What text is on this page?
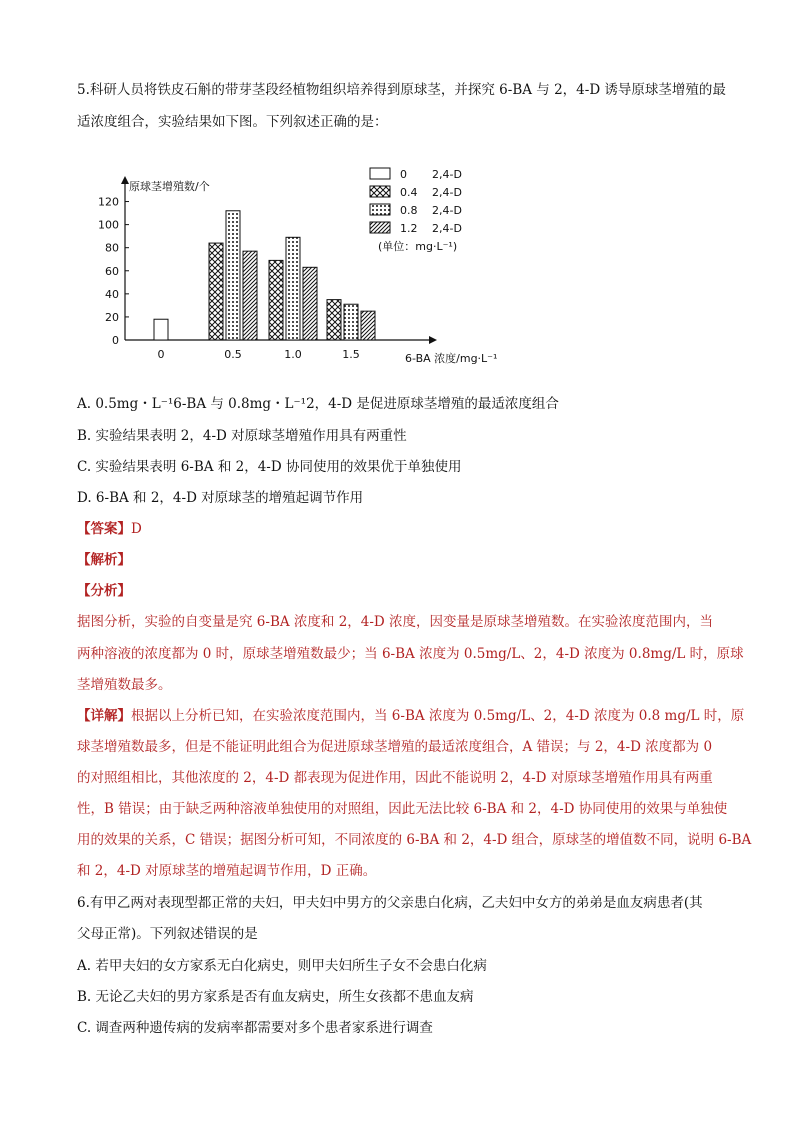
5.科研人员将铁皮石斛的带芽茎段经植物组织培养得到原球茎，并探究 6-BA 与 2，4-D 诱导原球茎增殖的最
适浓度组合，实验结果如下图。下列叙述正确的是：
0
20
40
60
80
100
120
原球茎增殖数/个
6-BA 浓度/mg·L⁻¹
0	0.5	1.0	1.5
0 2,4-D
0.4 2,4-D
0.8 2,4-D
1.2 2,4-D
(单位：mg·L⁻¹)
A. 0.5mg・L⁻¹6-BA 与 0.8mg・L⁻¹2，4-D 是促进原球茎增殖的最适浓度组合
B. 实验结果表明 2，4-D 对原球茎增殖作用具有两重性
C. 实验结果表明 6-BA 和 2，4-D 协同使用的效果优于单独使用
D. 6-BA 和 2，4-D 对原球茎的增殖起调节作用
【答案】D
【解析】
【分析】
据图分析，实验的自变量是究 6-BA 浓度和 2，4-D 浓度，因变量是原球茎增殖数。在实验浓度范围内，当
两种溶液的浓度都为 0 时，原球茎增殖数最少；当 6-BA 浓度为 0.5mg/L、2，4-D 浓度为 0.8mg/L 时，原球
茎增殖数最多。
【详解】根据以上分析已知，在实验浓度范围内，当 6-BA 浓度为 0.5mg/L、2，4-D 浓度为 0.8 mg/L 时，原
球茎增殖数最多，但是不能证明此组合为促进原球茎增殖的最适浓度组合，A 错误；与 2，4-D 浓度都为 0
的对照组相比，其他浓度的 2，4-D 都表现为促进作用，因此不能说明 2，4-D 对原球茎增殖作用具有两重
性，B 错误；由于缺乏两种溶液单独使用的对照组，因此无法比较 6-BA 和 2，4-D 协同使用的效果与单独使
用的效果的关系，C 错误；据图分析可知，不同浓度的 6-BA 和 2，4-D 组合，原球茎的增值数不同，说明 6-BA
和 2，4-D 对原球茎的增殖起调节作用，D 正确。
6.有甲乙两对表现型都正常的夫妇，甲夫妇中男方的父亲患白化病，乙夫妇中女方的弟弟是血友病患者(其
父母正常)。下列叙述错误的是
A. 若甲夫妇的女方家系无白化病史，则甲夫妇所生子女不会患白化病
B. 无论乙夫妇的男方家系是否有血友病史，所生女孩都不患血友病
C. 调查两种遗传病的发病率都需要对多个患者家系进行调查
